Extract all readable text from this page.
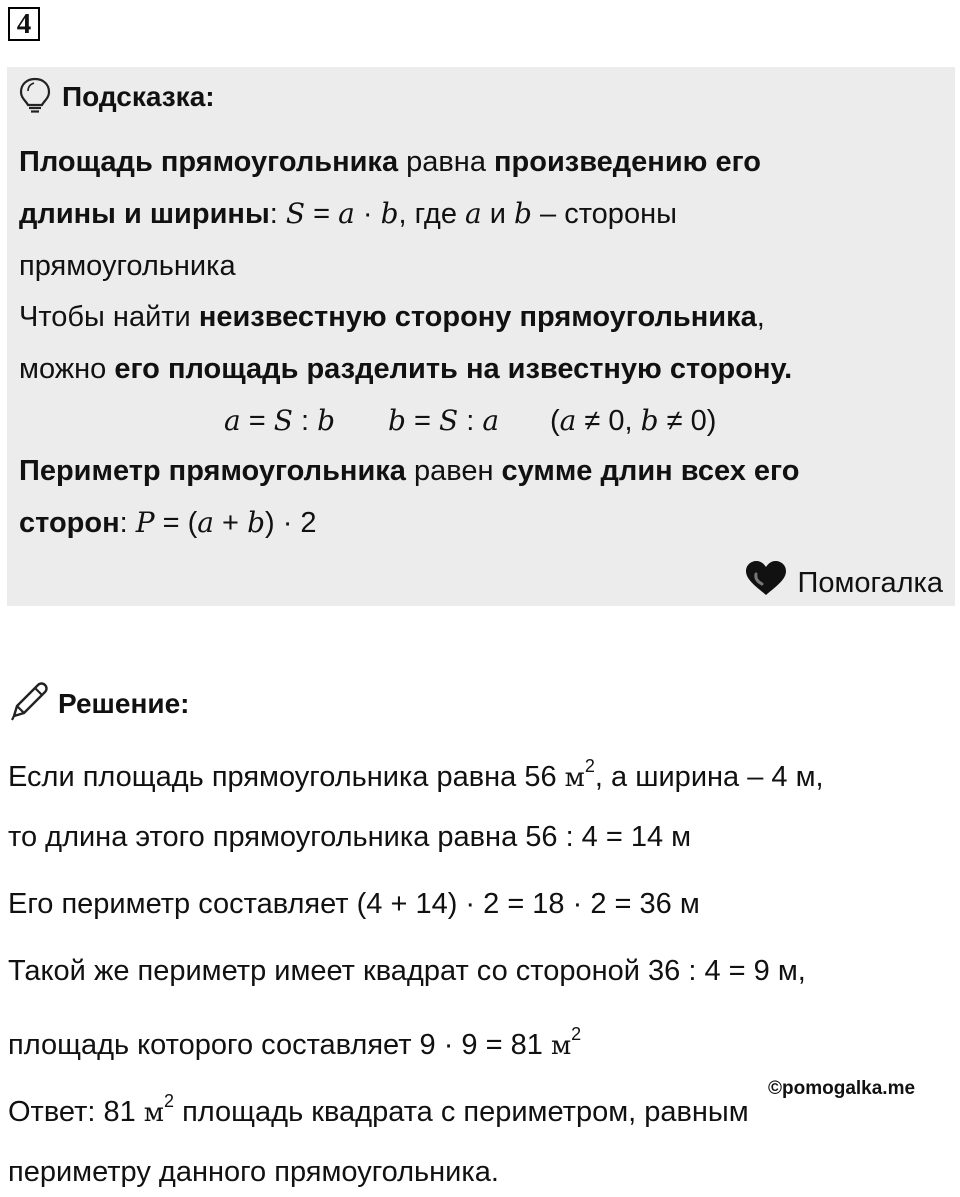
4
Подсказка:
Площадь прямоугольника равна произведению его
длины и ширины: S = a · b, где a и b – стороны
прямоугольника
Чтобы найти неизвестную сторону прямоугольника,
можно его площадь разделить на известную сторону.
a = S : b b = S : a (a ≠ 0, b ≠ 0)
Периметр прямоугольника равен сумме длин всех его
сторон: P = (a + b) · 2
Помогалка
Решение:
Если площадь прямоугольника равна 56 $м^2$, а ширина – 4 м,
то длина этого прямоугольника равна 56 : 4 = 14 м
Его периметр составляет (4 + 14) · 2 = 18 · 2 = 36 м
Такой же периметр имеет квадрат со стороной 36 : 4 = 9 м,
площадь которого составляет 9 · 9 = 81 $м^2$
Ответ: 81 $м^2$ площадь квадрата с периметром, равным
периметру данного прямоугольника.
©pomogalka.me
